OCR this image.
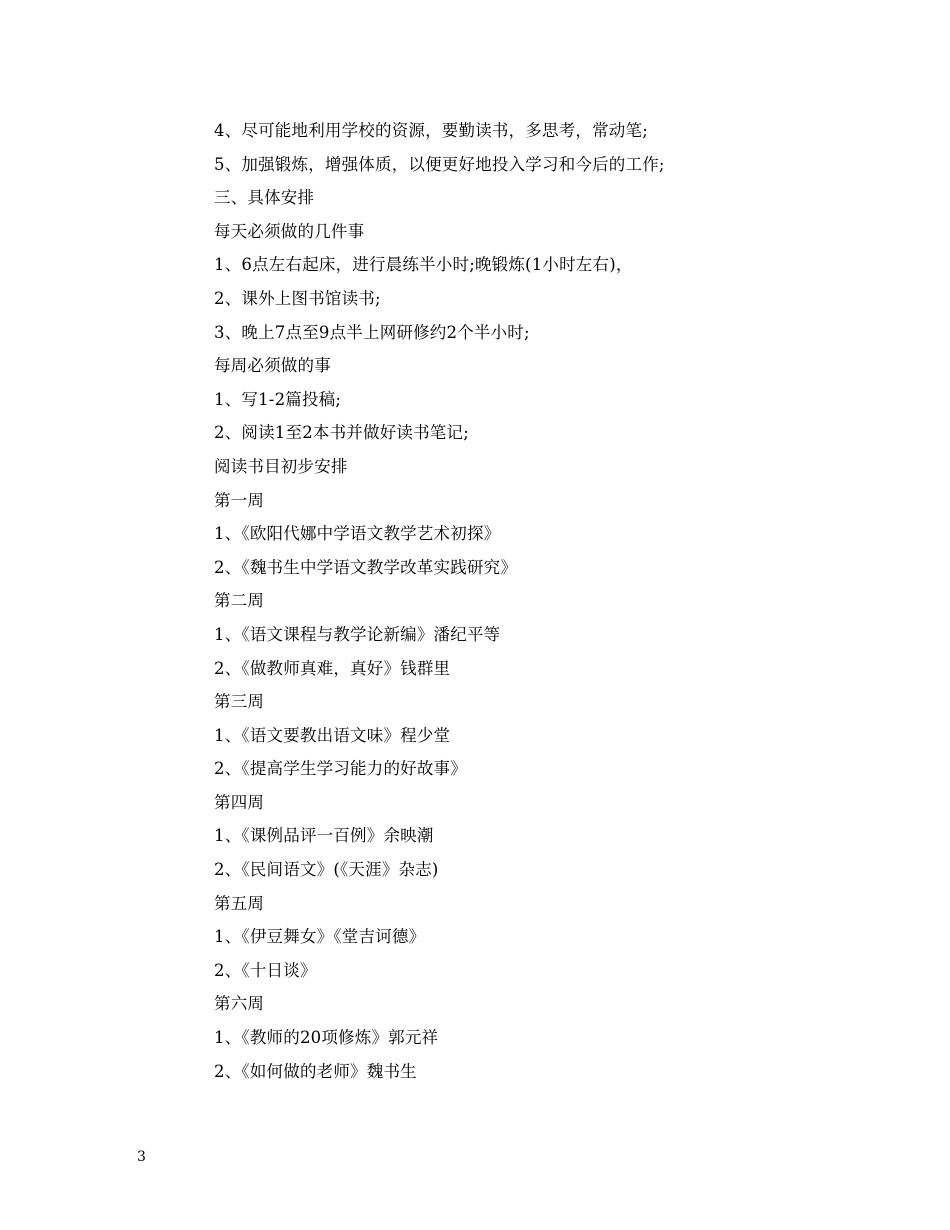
4、尽可能地利用学校的资源，要勤读书，多思考，常动笔;
5、加强锻炼，增强体质，以便更好地投入学习和今后的工作;
三、具体安排
每天必须做的几件事
1、6点左右起床，进行晨练半小时;晚锻炼(1小时左右)，
2、课外上图书馆读书;
3、晚上7点至9点半上网研修约2个半小时;
每周必须做的事
1、写1-2篇投稿;
2、阅读1至2本书并做好读书笔记;
阅读书目初步安排
第一周
1、《欧阳代娜中学语文教学艺术初探》
2、《魏书生中学语文教学改革实践研究》
第二周
1、《语文课程与教学论新编》潘纪平等
2、《做教师真难，真好》钱群里
第三周
1、《语文要教出语文味》程少堂
2、《提高学生学习能力的好故事》
第四周
1、《课例品评一百例》余映潮
2、《民间语文》(《天涯》杂志)
第五周
1、《伊豆舞女》《堂吉诃德》
2、《十日谈》
第六周
1、《教师的20项修炼》郭元祥
2、《如何做的老师》魏书生
3
